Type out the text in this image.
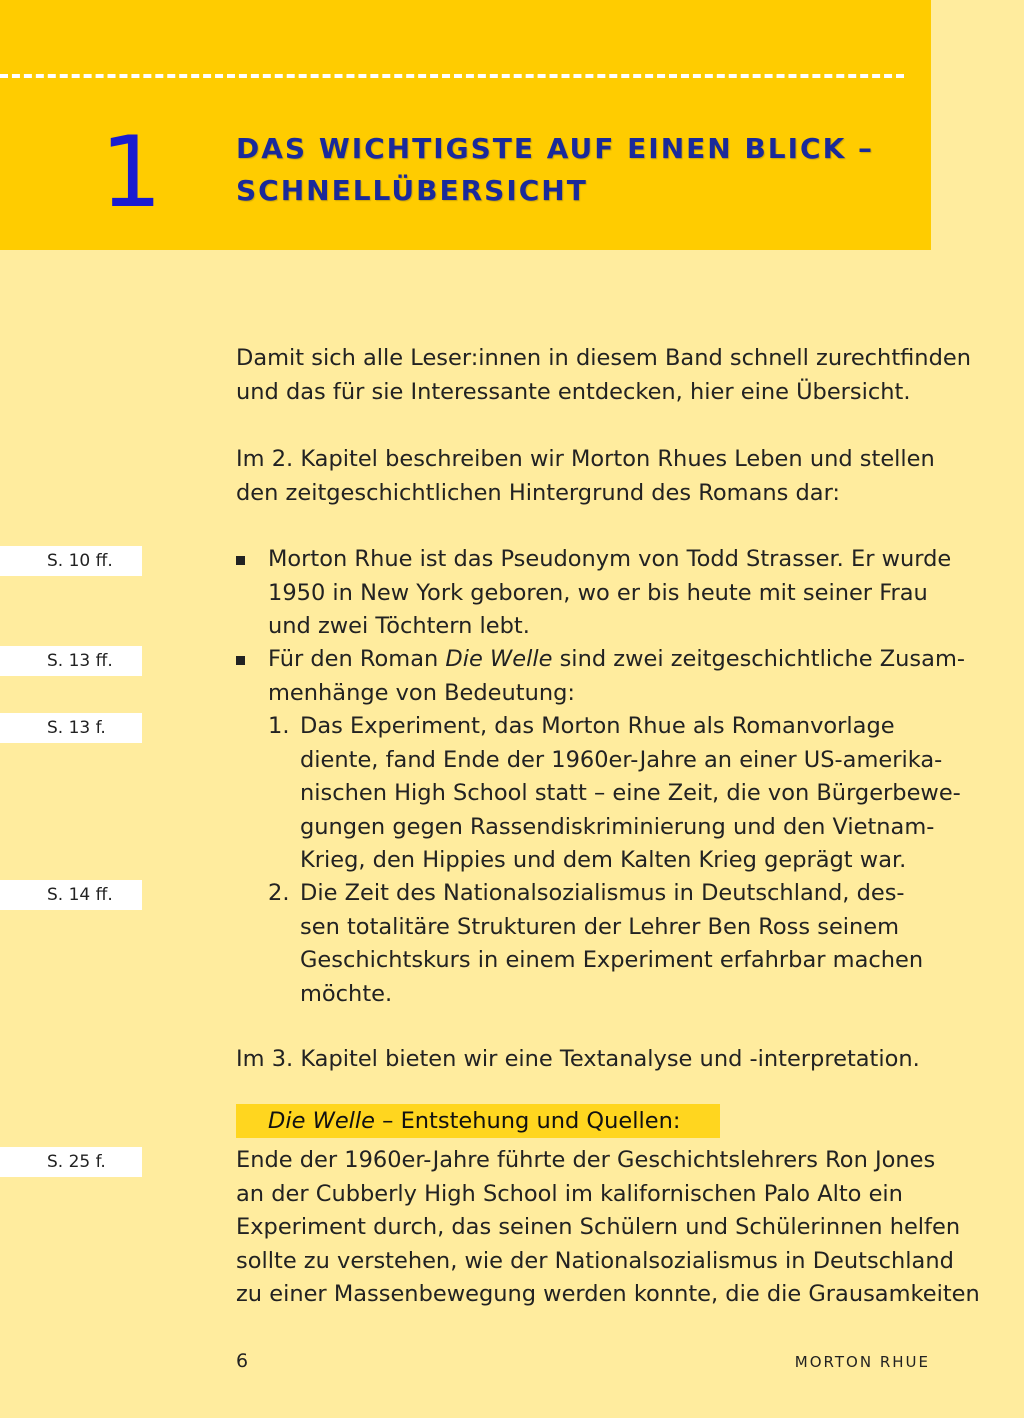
1	DAS WICHTIGSTE AUF EINEN BLICK –
SCHNELLÜBERSICHT

Damit sich alle Leser:innen in diesem Band schnell zurechtfinden
und das für sie Interessante entdecken, hier eine Übersicht.

Im 2. Kapitel beschreiben wir Morton Rhues Leben und stellen
den zeitgeschichtlichen Hintergrund des Romans dar:

S. 10 ff.
S. 13 ff.
S. 13 f.
S. 14 ff.
S. 25 f.
Morton Rhue ist das Pseudonym von Todd Strasser. Er wurde
1950 in New York geboren, wo er bis heute mit seiner Frau
und zwei Töchtern lebt.
Für den Roman Die Welle sind zwei zeitgeschichtliche Zusam-
menhänge von Bedeutung:
1. Das Experiment, das Morton Rhue als Romanvorlage
diente, fand Ende der 1960er-Jahre an einer US-amerika-
nischen High School statt – eine Zeit, die von Bürgerbewe-
gungen gegen Rassendiskriminierung und den Vietnam-
Krieg, den Hippies und dem Kalten Krieg geprägt war.
2. Die Zeit des Nationalsozialismus in Deutschland, des-
sen totalitäre Strukturen der Lehrer Ben Ross seinem
Geschichtskurs in einem Experiment erfahrbar machen
möchte.

Im 3. Kapitel bieten wir eine Textanalyse und -interpretation.

Die Welle – Entstehung und Quellen:

Ende der 1960er-Jahre führte der Geschichtslehrers Ron Jones
an der Cubberly High School im kalifornischen Palo Alto ein
Experiment durch, das seinen Schülern und Schülerinnen helfen
sollte zu verstehen, wie der Nationalsozialismus in Deutschland
zu einer Massenbewegung werden konnte, die die Grausamkeiten

6	MORTON RHUE
